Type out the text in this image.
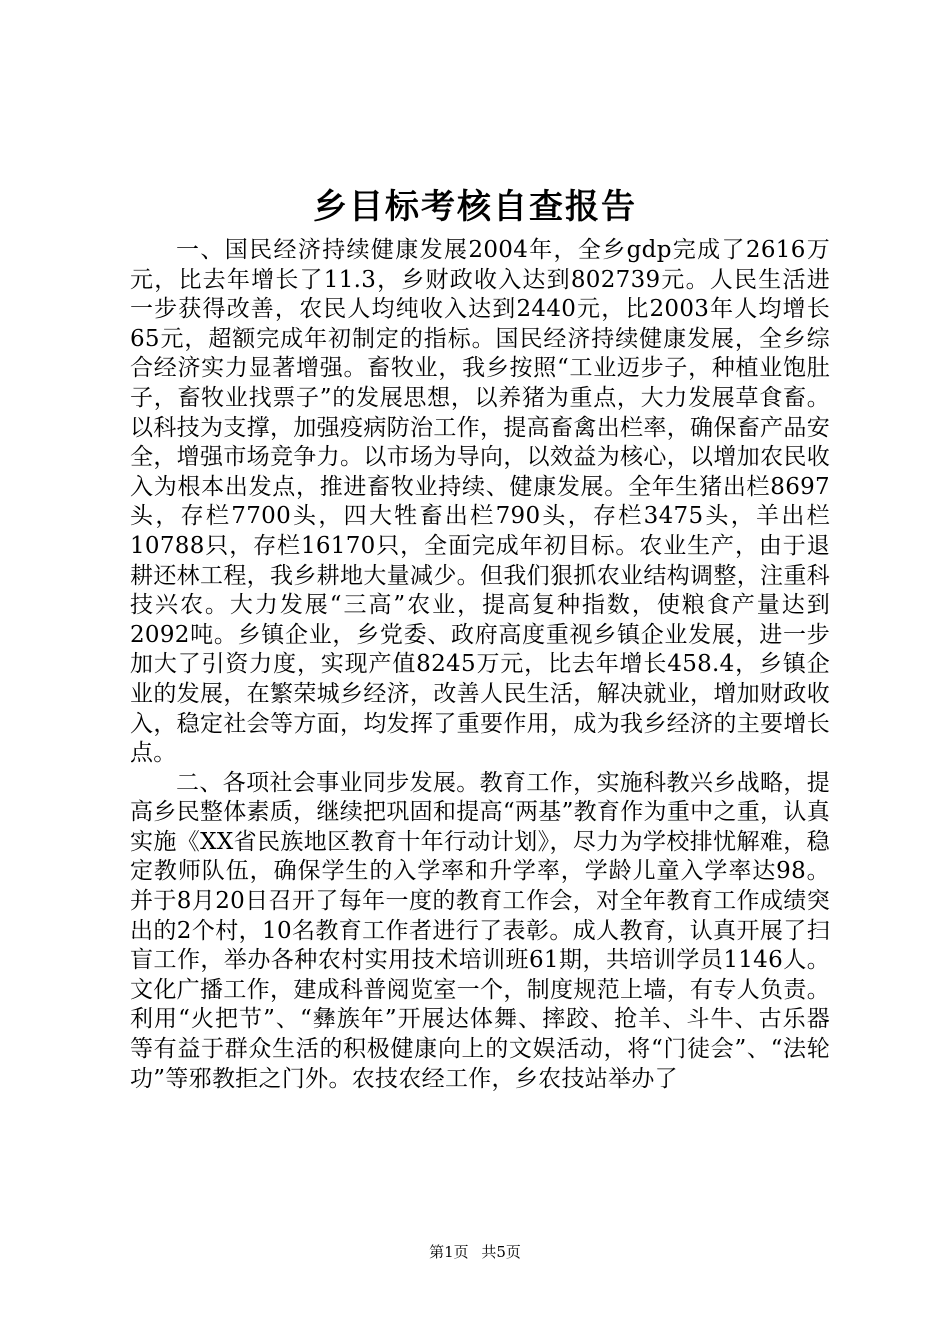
乡目标考核自查报告

一、国民经济持续健康发展2004年，全乡gdp完成了2616万元，比去年增长了11.3，乡财政收入达到802739元。人民生活进一步获得改善，农民人均纯收入达到2440元，比2003年人均增长65元，超额完成年初制定的指标。国民经济持续健康发展，全乡综合经济实力显著增强。畜牧业，我乡按照“工业迈步子，种植业饱肚子，畜牧业找票子”的发展思想，以养猪为重点，大力发展草食畜。以科技为支撑，加强疫病防治工作，提高畜禽出栏率，确保畜产品安全，增强市场竞争力。以市场为导向，以效益为核心，以增加农民收入为根本出发点，推进畜牧业持续、健康发展。全年生猪出栏8697头，存栏7700头，四大牲畜出栏790头，存栏3475头，羊出栏10788只，存栏16170只，全面完成年初目标。农业生产，由于退耕还林工程，我乡耕地大量减少。但我们狠抓农业结构调整，注重科技兴农。大力发展“三高”农业，提高复种指数，使粮食产量达到2092吨。乡镇企业，乡党委、政府高度重视乡镇企业发展，进一步加大了引资力度，实现产值8245万元，比去年增长458.4，乡镇企业的发展，在繁荣城乡经济，改善人民生活，解决就业，增加财政收入，稳定社会等方面，均发挥了重要作用，成为我乡经济的主要增长点。

二、各项社会事业同步发展。教育工作，实施科教兴乡战略，提高乡民整体素质，继续把巩固和提高“两基”教育作为重中之重，认真实施《XX省民族地区教育十年行动计划》，尽力为学校排忧解难，稳定教师队伍，确保学生的入学率和升学率，学龄儿童入学率达98。并于8月20日召开了每年一度的教育工作会，对全年教育工作成绩突出的2个村，10名教育工作者进行了表彰。成人教育，认真开展了扫盲工作，举办各种农村实用技术培训班61期，共培训学员1146人。文化广播工作，建成科普阅览室一个，制度规范上墙，有专人负责。利用“火把节”、“彝族年”开展达体舞、摔跤、抢羊、斗牛、古乐器等有益于群众生活的积极健康向上的文娱活动，将“门徒会”、“法轮功”等邪教拒之门外。农技农经工作，乡农技站举办了

第1页 共5页
